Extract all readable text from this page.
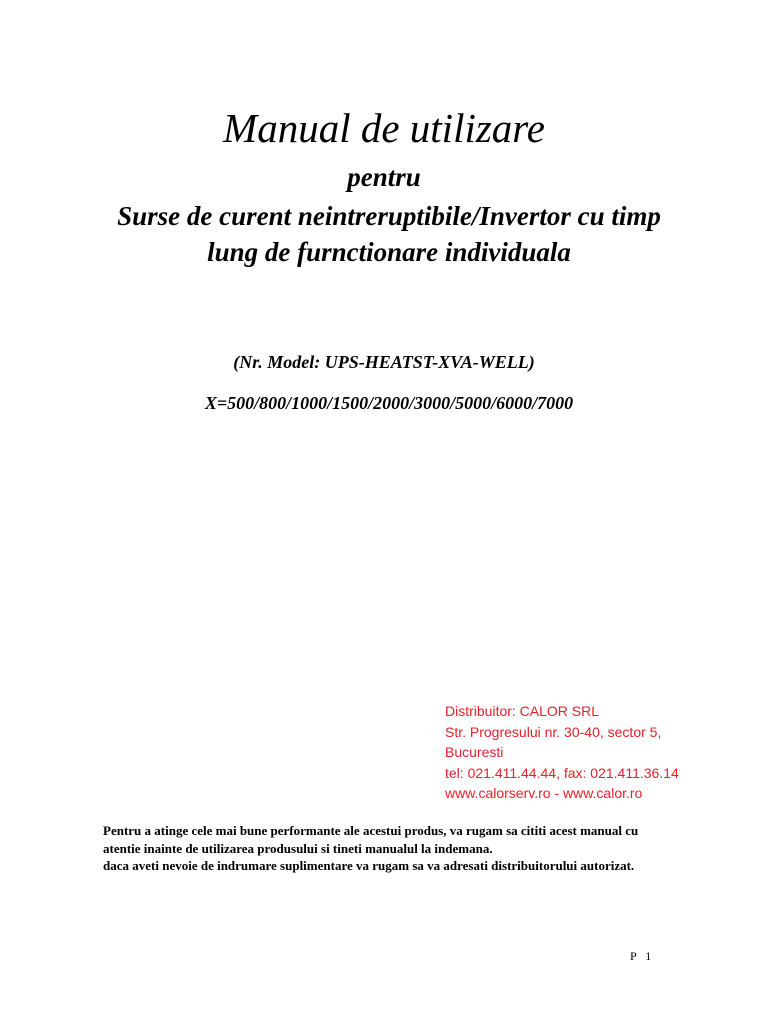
Manual de utilizare
pentru
Surse de curent neintreruptibile/Invertor cu timp
lung de furnctionare individuala
(Nr. Model: UPS-HEATST-XVA-WELL)
X=500/800/1000/1500/2000/3000/5000/6000/7000
Distribuitor: CALOR SRL
Str. Progresului nr. 30-40, sector 5,
Bucuresti
tel: 021.411.44.44, fax: 021.411.36.14
www.calorserv.ro - www.calor.ro

Pentru a atinge cele mai bune performante ale acestui produs, va rugam sa cititi acest manual cu atentie inainte de utilizarea produsului si tineti manualul la indemana.

daca aveti nevoie de indrumare suplimentare va rugam sa va adresati distribuitorului autorizat.

P 1
